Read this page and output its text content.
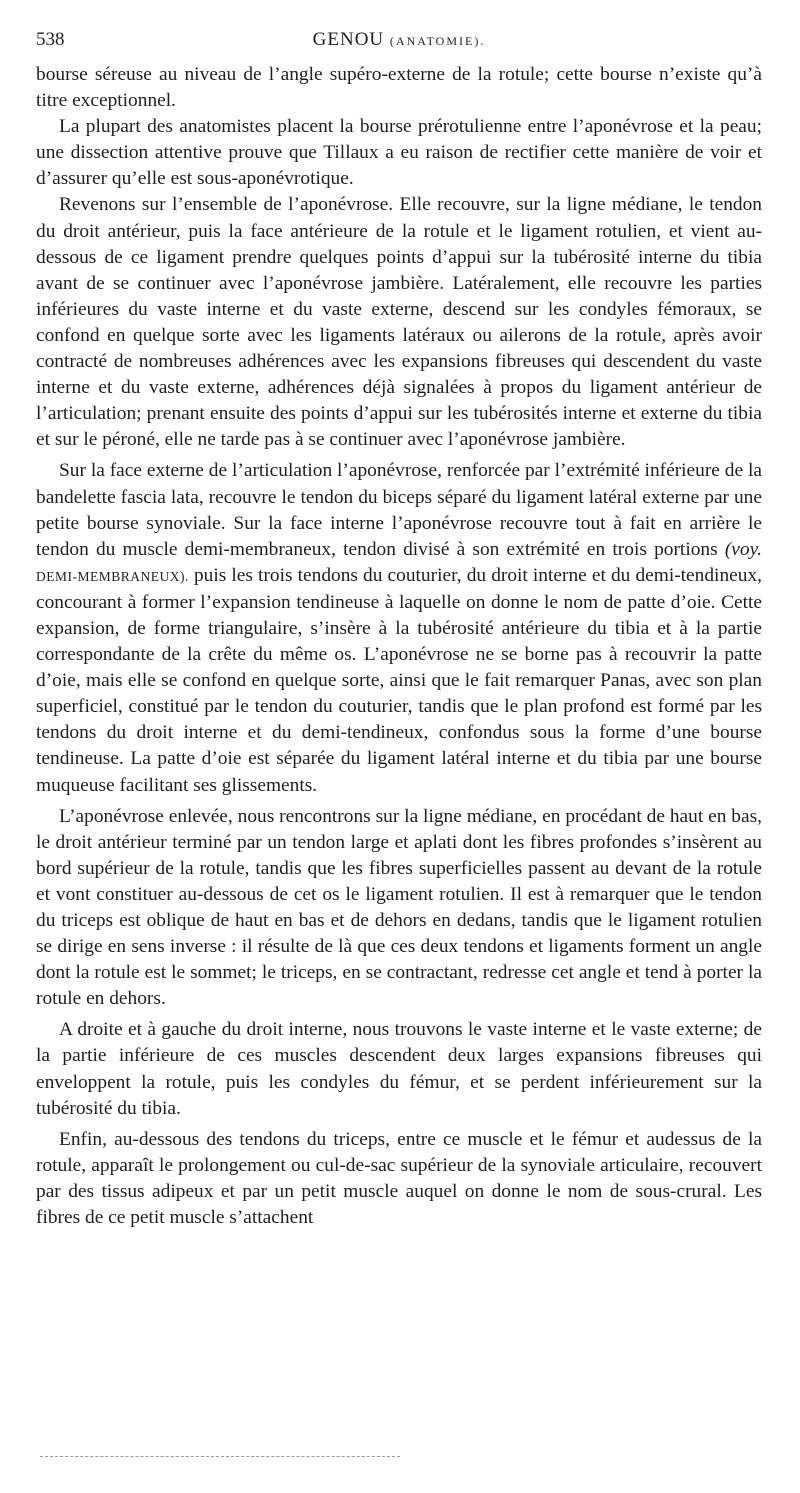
538	GENOU (ANATOMIE).

bourse séreuse au niveau de l’angle supéro-externe de la rotule; cette bourse n’existe qu’à titre exceptionnel.

La plupart des anatomistes placent la bourse prérotulienne entre l’aponévrose et la peau; une dissection attentive prouve que Tillaux a eu raison de rectifier cette manière de voir et d’assurer qu’elle est sous-aponévrotique.

Revenons sur l’ensemble de l’aponévrose. Elle recouvre, sur la ligne médiane, le tendon du droit antérieur, puis la face antérieure de la rotule et le ligament rotulien, et vient au-dessous de ce ligament prendre quelques points d’appui sur la tubérosité interne du tibia avant de se continuer avec l’aponévrose jambière. Latéralement, elle recouvre les parties inférieures du vaste interne et du vaste externe, descend sur les condyles fémoraux, se confond en quelque sorte avec les ligaments latéraux ou ailerons de la rotule, après avoir contracté de nombreuses adhérences avec les expansions fibreuses qui descendent du vaste interne et du vaste externe, adhérences déjà signalées à propos du ligament antérieur de l’articulation; prenant ensuite des points d’appui sur les tubérosités interne et externe du tibia et sur le péroné, elle ne tarde pas à se continuer avec l’aponévrose jambière.

Sur la face externe de l’articulation l’aponévrose, renforcée par l’extrémité inférieure de la bandelette fascia lata, recouvre le tendon du biceps séparé du ligament latéral externe par une petite bourse synoviale. Sur la face interne l’aponévrose recouvre tout à fait en arrière le tendon du muscle demi-membraneux, tendon divisé à son extrémité en trois portions (voy. DEMI-MEMBRANEUX). puis les trois tendons du couturier, du droit interne et du demi-tendineux, concourant à former l’expansion tendineuse à laquelle on donne le nom de patte d’oie. Cette expansion, de forme triangulaire, s’insère à la tubérosité antérieure du tibia et à la partie correspondante de la crête du même os. L’aponévrose ne se borne pas à recouvrir la patte d’oie, mais elle se confond en quelque sorte, ainsi que le fait remarquer Panas, avec son plan superficiel, constitué par le tendon du couturier, tandis que le plan profond est formé par les tendons du droit interne et du demi-tendineux, confondus sous la forme d’une bourse tendineuse. La patte d’oie est séparée du ligament latéral interne et du tibia par une bourse muqueuse facilitant ses glissements.

L’aponévrose enlevée, nous rencontrons sur la ligne médiane, en procédant de haut en bas, le droit antérieur terminé par un tendon large et aplati dont les fibres profondes s’insèrent au bord supérieur de la rotule, tandis que les fibres superficielles passent au devant de la rotule et vont constituer au-dessous de cet os le ligament rotulien. Il est à remarquer que le tendon du triceps est oblique de haut en bas et de dehors en dedans, tandis que le ligament rotulien se dirige en sens inverse : il résulte de là que ces deux tendons et ligaments forment un angle dont la rotule est le sommet; le triceps, en se contractant, redresse cet angle et tend à porter la rotule en dehors.

A droite et à gauche du droit interne, nous trouvons le vaste interne et le vaste externe; de la partie inférieure de ces muscles descendent deux larges expansions fibreuses qui enveloppent la rotule, puis les condyles du fémur, et se perdent inférieurement sur la tubérosité du tibia.

Enfin, au-dessous des tendons du triceps, entre ce muscle et le fémur et audessus de la rotule, apparaît le prolongement ou cul-de-sac supérieur de la synoviale articulaire, recouvert par des tissus adipeux et par un petit muscle auquel on donne le nom de sous-crural. Les fibres de ce petit muscle s’attachent
